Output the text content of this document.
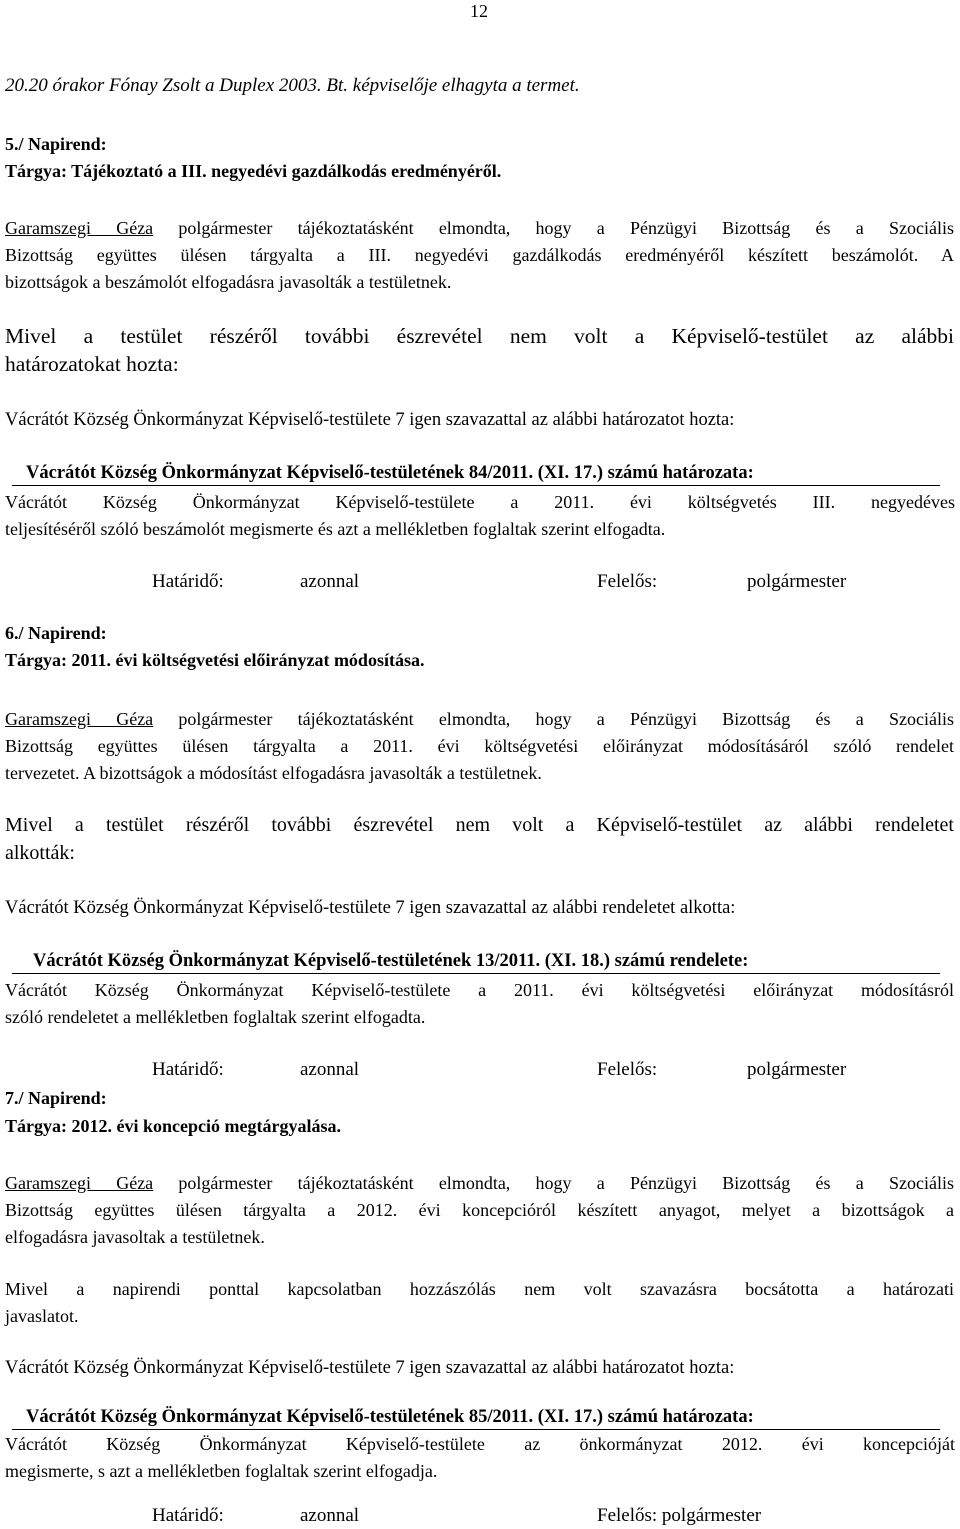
12
20.20 órakor Fónay Zsolt a Duplex 2003. Bt. képviselője elhagyta a termet.
5./ Napirend:
Tárgya: Tájékoztató a III. negyedévi gazdálkodás eredményéről.
Garamszegi Géza polgármester tájékoztatásként elmondta, hogy a Pénzügyi Bizottság és a Szociális
Bizottság együttes ülésen tárgyalta a III. negyedévi gazdálkodás eredményéről készített beszámolót. A
bizottságok a beszámolót elfogadásra javasolták a testületnek.
Mivel a testület részéről további észrevétel nem volt a Képviselő-testület az alábbi
határozatokat hozta:
Vácrátót Község Önkormányzat Képviselő-testülete 7 igen szavazattal az alábbi határozatot hozta:
Vácrátót Község Önkormányzat Képviselő-testületének 84/2011. (XI. 17.) számú határozata:
Vácrátót Község Önkormányzat Képviselő-testülete a 2011. évi költségvetés III. negyedéves
teljesítéséről szóló beszámolót megismerte és azt a mellékletben foglaltak szerint elfogadta.
Határidő:	azonnal	Felelős:	polgármester
6./ Napirend:
Tárgya: 2011. évi költségvetési előirányzat módosítása.
Garamszegi Géza polgármester tájékoztatásként elmondta, hogy a Pénzügyi Bizottság és a Szociális
Bizottság együttes ülésen tárgyalta a 2011. évi költségvetési előirányzat módosításáról szóló rendelet
tervezetet. A bizottságok a módosítást elfogadásra javasolták a testületnek.
Mivel a testület részéről további észrevétel nem volt a Képviselő-testület az alábbi rendeletet
alkották:
Vácrátót Község Önkormányzat Képviselő-testülete 7 igen szavazattal az alábbi rendeletet alkotta:
Vácrátót Község Önkormányzat Képviselő-testületének 13/2011. (XI. 18.) számú rendelete:
Vácrátót Község Önkormányzat Képviselő-testülete a 2011. évi költségvetési előirányzat módosításról
szóló rendeletet a mellékletben foglaltak szerint elfogadta.
Határidő:	azonnal	Felelős:	polgármester
7./ Napirend:
Tárgya: 2012. évi koncepció megtárgyalása.
Garamszegi Géza polgármester tájékoztatásként elmondta, hogy a Pénzügyi Bizottság és a Szociális
Bizottság együttes ülésen tárgyalta a 2012. évi koncepcióról készített anyagot, melyet a bizottságok a
elfogadásra javasoltak a testületnek.
Mivel a napirendi ponttal kapcsolatban hozzászólás nem volt szavazásra bocsátotta a határozati
javaslatot.
Vácrátót Község Önkormányzat Képviselő-testülete 7 igen szavazattal az alábbi határozatot hozta:
Vácrátót Község Önkormányzat Képviselő-testületének 85/2011. (XI. 17.) számú határozata:
Vácrátót Község Önkormányzat Képviselő-testülete az önkormányzat 2012. évi koncepcióját
megismerte, s azt a mellékletben foglaltak szerint elfogadja.
Határidő:	azonnal	Felelős: polgármester
